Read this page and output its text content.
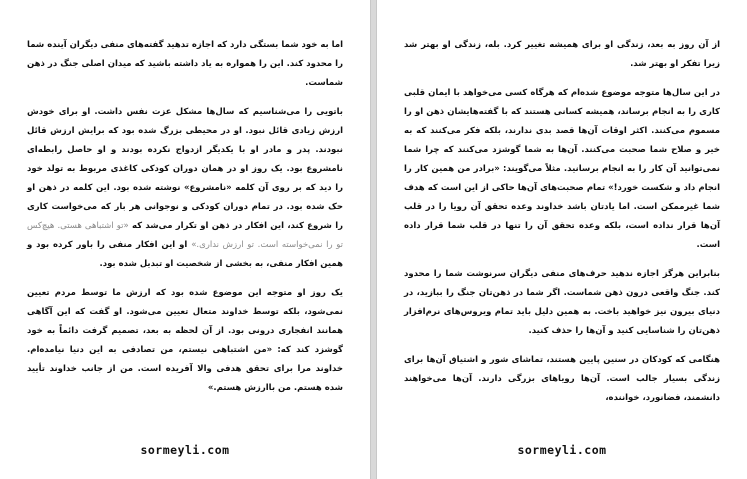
اما به خود شما بستگی دارد که اجازه تدهید گفته‌های منفی دیگران آینده شما را محدود کند. این را همواره به یاد داشته باشید که میدان اصلی جنگ در ذهن شماست.

باتویی را می‌شناسیم که سال‌ها مشکل عزت نفس داشت. او برای خودش ارزش زیادی قائل نبود. او در محیطی بزرگ شده بود که برایش ارزش قائل نبودند. پدر و مادر او با یکدیگر ازدواج نکرده بودند و او حاصل رابطه‌ای نامشروع بود. یک روز او در همان دوران کودکی کاغذی مربوط به تولد خود را دید که بر روی آن کلمه «نامشروع» نوشته شده بود. این کلمه در ذهن او حک شده بود. در تمام دوران کودکی و نوجوانی هر بار که می‌خواست کاری را شروع کند، این افکار در ذهن او تکرار می‌شد که «تو اشتباهی هستی. هیچ‌کس تو را نمی‌خواسته است. تو ارزش نداری.» او این افکار منفی را باور کرده بود و همین افکار منفی، به بخشی از شخصیت او تبدیل شده بود.

یک روز او متوجه این موضوع شده بود که ارزش ما توسط مردم تعیین نمی‌شود، بلکه توسط خداوند متعال تعیین می‌شود. او گفت که این آگاهی همانند انفجاری درونی بود. از آن لحظه به بعد، تصمیم گرفت دائماً به خود گوشزد کند که: «من اشتباهی نیستم، من تصادفی به این دنیا نیامده‌ام. خداوند مرا برای تحقق هدفی والا آفریده است. من از جانب خداوند تأیید شده هستم. من باارزش هستم.»

sormeyli.com

از آن روز به بعد، زندگی او برای همیشه تغییر کرد. بله، زندگی او بهتر شد زیرا تفکر او بهتر شد.

در این سال‌ها متوجه موضوع شده‌ام که هرگاه کسی می‌خواهد با ایمان قلبی کاری را به انجام برساند، همیشه کسانی هستند که با گفته‌هایشان ذهن او را مسموم می‌کنند. اکثر اوقات آن‌ها قصد بدی ندارند، بلکه فکر می‌کنند که به خیر و صلاح شما صحبت می‌کنند. آن‌ها به شما گوشزد می‌کنند که چرا شما نمی‌توانید آن کار را به انجام برسانید. مثلاً می‌گویند: «برادر من همین کار را انجام داد و شکست خورد!» تمام صحبت‌های آن‌ها حاکی از این است که هدف شما غیرممکن است. اما یادتان باشد خداوند وعده تحقق آن رویا را در قلب آن‌ها قرار نداده است، بلکه وعده تحقق آن را تنها در قلب شما قرار داده است.

بنابراین هرگز اجازه ندهید حرف‌های منفی دیگران سرنوشت شما را محدود کند. جنگ واقعی درون ذهن شماست. اگر شما در ذهن‌تان جنگ را ببازید، در دنیای بیرون نیز خواهید باخت. به همین دلیل باید تمام ویروس‌های نرم‌افزار ذهن‌تان را شناسایی کنید و آن‌ها را حذف کنید.

هنگامی که کودکان در سنین پایین هستند، تماشای شور و اشتیاق آن‌ها برای زندگی بسیار جالب است. آن‌ها رویاهای بزرگی دارند. آن‌ها می‌خواهند دانشمند، فضانورد، خواننده،

sormeyli.com
